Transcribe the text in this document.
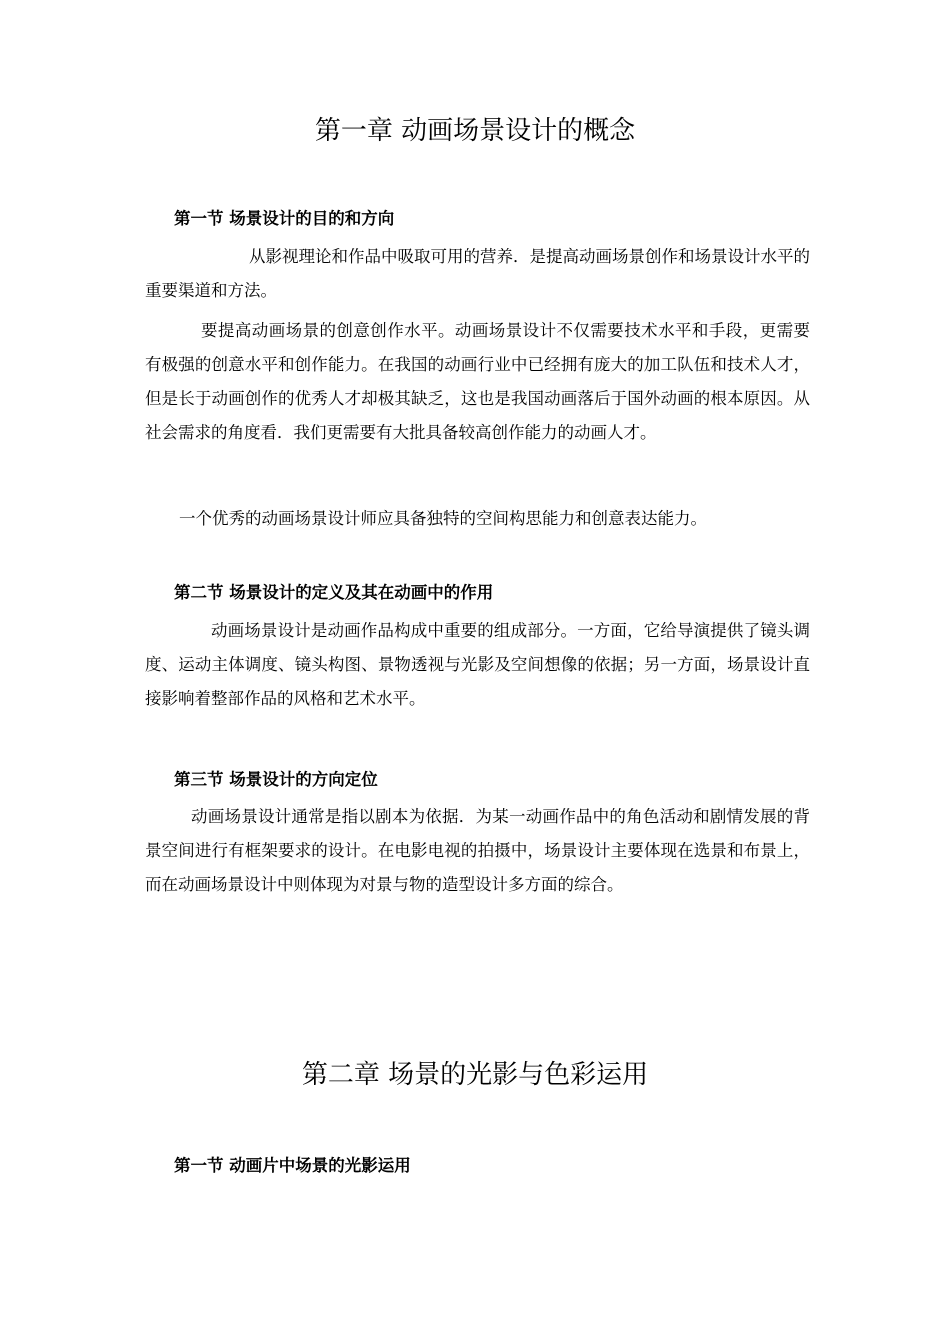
第一章 动画场景设计的概念
第一节 场景设计的目的和方向

从影视理论和作品中吸取可用的营养．是提高动画场景创作和场景设计水平的重要渠道和方法。

要提高动画场景的创意创作水平。动画场景设计不仅需要技术水平和手段，更需要有极强的创意水平和创作能力。在我国的动画行业中已经拥有庞大的加工队伍和技术人才，但是长于动画创作的优秀人才却极其缺乏，这也是我国动画落后于国外动画的根本原因。从社会需求的角度看．我们更需要有大批具备较高创作能力的动画人才。

一个优秀的动画场景设计师应具备独特的空间构思能力和创意表达能力。

第二节 场景设计的定义及其在动画中的作用

动画场景设计是动画作品构成中重要的组成部分。一方面，它给导演提供了镜头调度、运动主体调度、镜头构图、景物透视与光影及空间想像的依据；另一方面，场景设计直接影响着整部作品的风格和艺术水平。

第三节 场景设计的方向定位

动画场景设计通常是指以剧本为依据．为某一动画作品中的角色活动和剧情发展的背景空间进行有框架要求的设计。在电影电视的拍摄中，场景设计主要体现在选景和布景上，而在动画场景设计中则体现为对景与物的造型设计多方面的综合。

第二章 场景的光影与色彩运用
第一节 动画片中场景的光影运用
